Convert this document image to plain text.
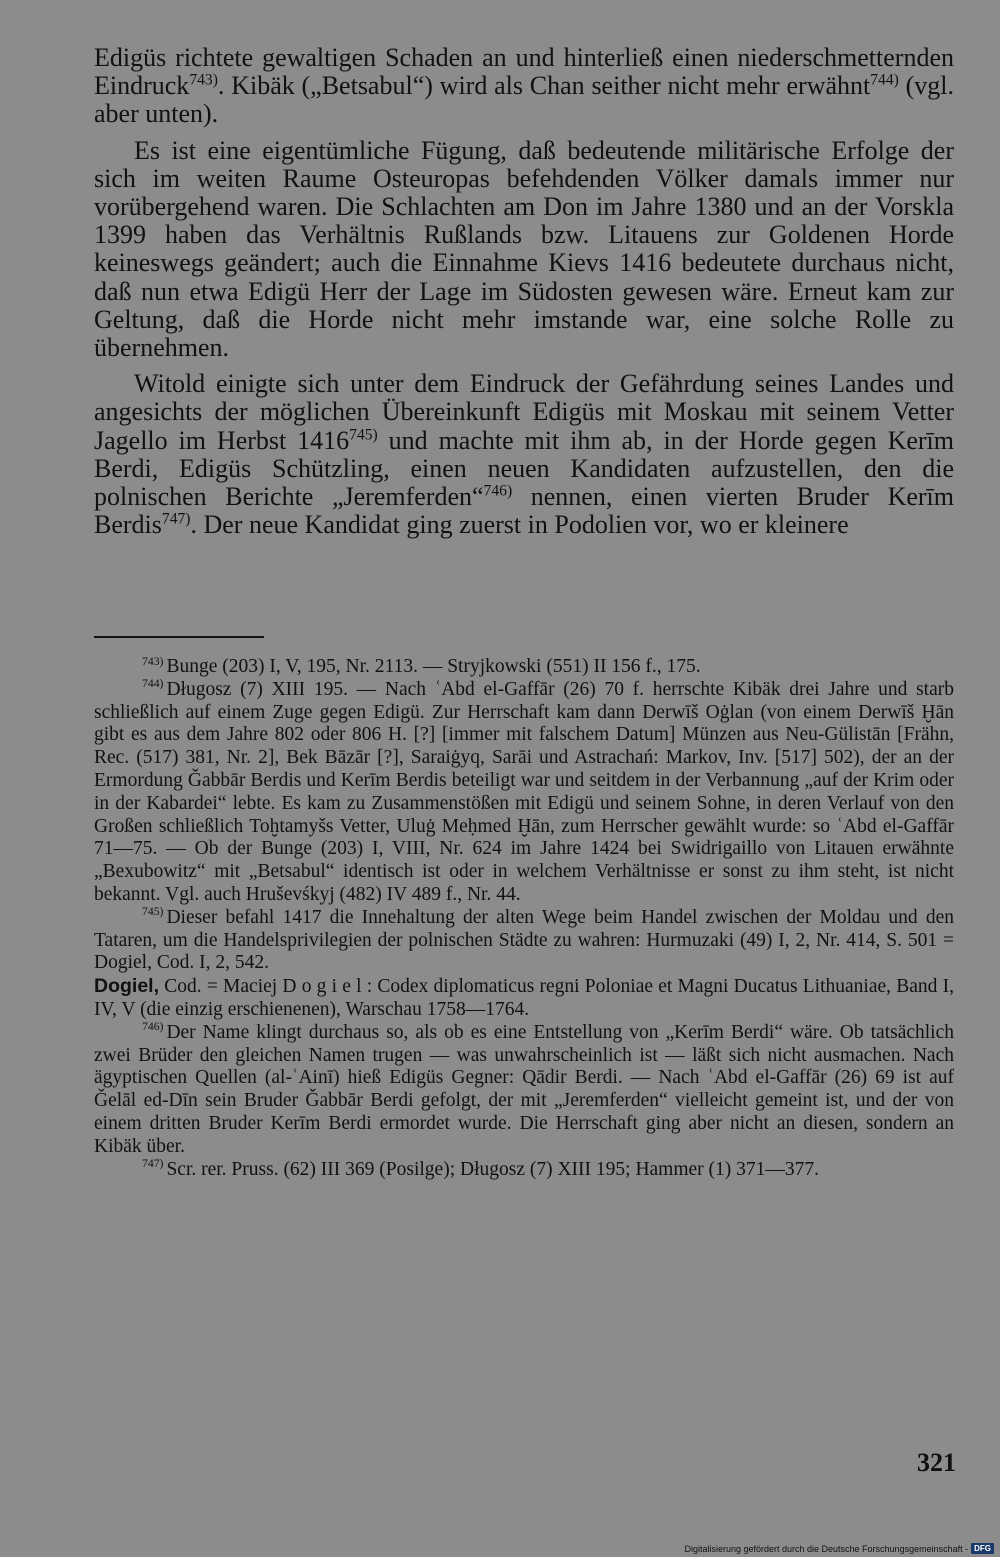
Edigüs richtete gewaltigen Schaden an und hinterließ einen niederschmetternden Eindruck$^{743)}$. Kibäk („Betsabul“) wird als Chan seither nicht mehr erwähnt$^{744)}$ (vgl. aber unten).

Es ist eine eigentümliche Fügung, daß bedeutende militärische Erfolge der sich im weiten Raume Osteuropas befehdenden Völker damals immer nur vorübergehend waren. Die Schlachten am Don im Jahre 1380 und an der Vorskla 1399 haben das Verhältnis Rußlands bzw. Litauens zur Goldenen Horde keineswegs geändert; auch die Einnahme Kievs 1416 bedeutete durchaus nicht, daß nun etwa Edigü Herr der Lage im Südosten gewesen wäre. Erneut kam zur Geltung, daß die Horde nicht mehr imstande war, eine solche Rolle zu übernehmen.

Witold einigte sich unter dem Eindruck der Gefährdung seines Landes und angesichts der möglichen Übereinkunft Edigüs mit Moskau mit seinem Vetter Jagello im Herbst 1416$^{745)}$ und machte mit ihm ab, in der Horde gegen Kerīm Berdi, Edigüs Schützling, einen neuen Kandidaten aufzustellen, den die polnischen Berichte „Jeremferden“$^{746)}$ nennen, einen vierten Bruder Kerīm Berdis$^{747)}$. Der neue Kandidat ging zuerst in Podolien vor, wo er kleinere

$^{743)}$ Bunge (203) I, V, 195, Nr. 2113. — Stryjkowski (551) II 156 f., 175.

$^{744)}$ Długosz (7) XIII 195. — Nach ʿAbd el-Gaffār (26) 70 f. herrschte Kibäk drei Jahre und starb schließlich auf einem Zuge gegen Edigü. Zur Herrschaft kam dann Derwīš Oġlan (von einem Derwīš Ḫān gibt es aus dem Jahre 802 oder 806 H. [?] [immer mit falschem Datum] Münzen aus Neu-Gülistān [Frähn, Rec. (517) 381, Nr. 2], Bek Bāzār [?], Saraiġyq, Sarāi und Astrachań: Markov, Inv. [517] 502), der an der Ermordung Ǧabbār Berdis und Kerīm Berdis beteiligt war und seitdem in der Verbannung „auf der Krim oder in der Kabardei“ lebte. Es kam zu Zusammenstößen mit Edigü und seinem Sohne, in deren Verlauf von den Großen schließlich Toḫtamyšs Vetter, Uluġ Meḥmed Ḫān, zum Herrscher gewählt wurde: so ʿAbd el-Gaffār 71—75. — Ob der Bunge (203) I, VIII, Nr. 624 im Jahre 1424 bei Swidrigaillo von Litauen erwähnte „Bexubowitz“ mit „Betsabul“ identisch ist oder in welchem Verhältnisse er sonst zu ihm steht, ist nicht bekannt. Vgl. auch Hruševśkyj (482) IV 489 f., Nr. 44.

$^{745)}$ Dieser befahl 1417 die Innehaltung der alten Wege beim Handel zwischen der Moldau und den Tataren, um die Handelsprivilegien der polnischen Städte zu wahren: Hurmuzaki (49) I, 2, Nr. 414, S. 501 = Dogiel, Cod. I, 2, 542.

Dogiel, Cod. = Maciej D o g i e l : Codex diplomaticus regni Poloniae et Magni Ducatus Lithuaniae, Band I, IV, V (die einzig erschienenen), Warschau 1758—1764.

$^{746)}$ Der Name klingt durchaus so, als ob es eine Entstellung von „Kerīm Berdi“ wäre. Ob tatsächlich zwei Brüder den gleichen Namen trugen — was unwahrscheinlich ist — läßt sich nicht ausmachen. Nach ägyptischen Quellen (al-ʿAinī) hieß Edigüs Gegner: Qādir Berdi. — Nach ʿAbd el-Gaffār (26) 69 ist auf Ǧelāl ed-Dīn sein Bruder Ǧabbār Berdi gefolgt, der mit „Jeremferden“ vielleicht gemeint ist, und der von einem dritten Bruder Kerīm Berdi ermordet wurde. Die Herrschaft ging aber nicht an diesen, sondern an Kibäk über.

$^{747)}$ Scr. rer. Pruss. (62) III 369 (Posilge); Długosz (7) XIII 195; Hammer (1) 371—377.

321
Digitalisierung gefördert durch die Deutsche Forschungsgemeinschaft - DFG
